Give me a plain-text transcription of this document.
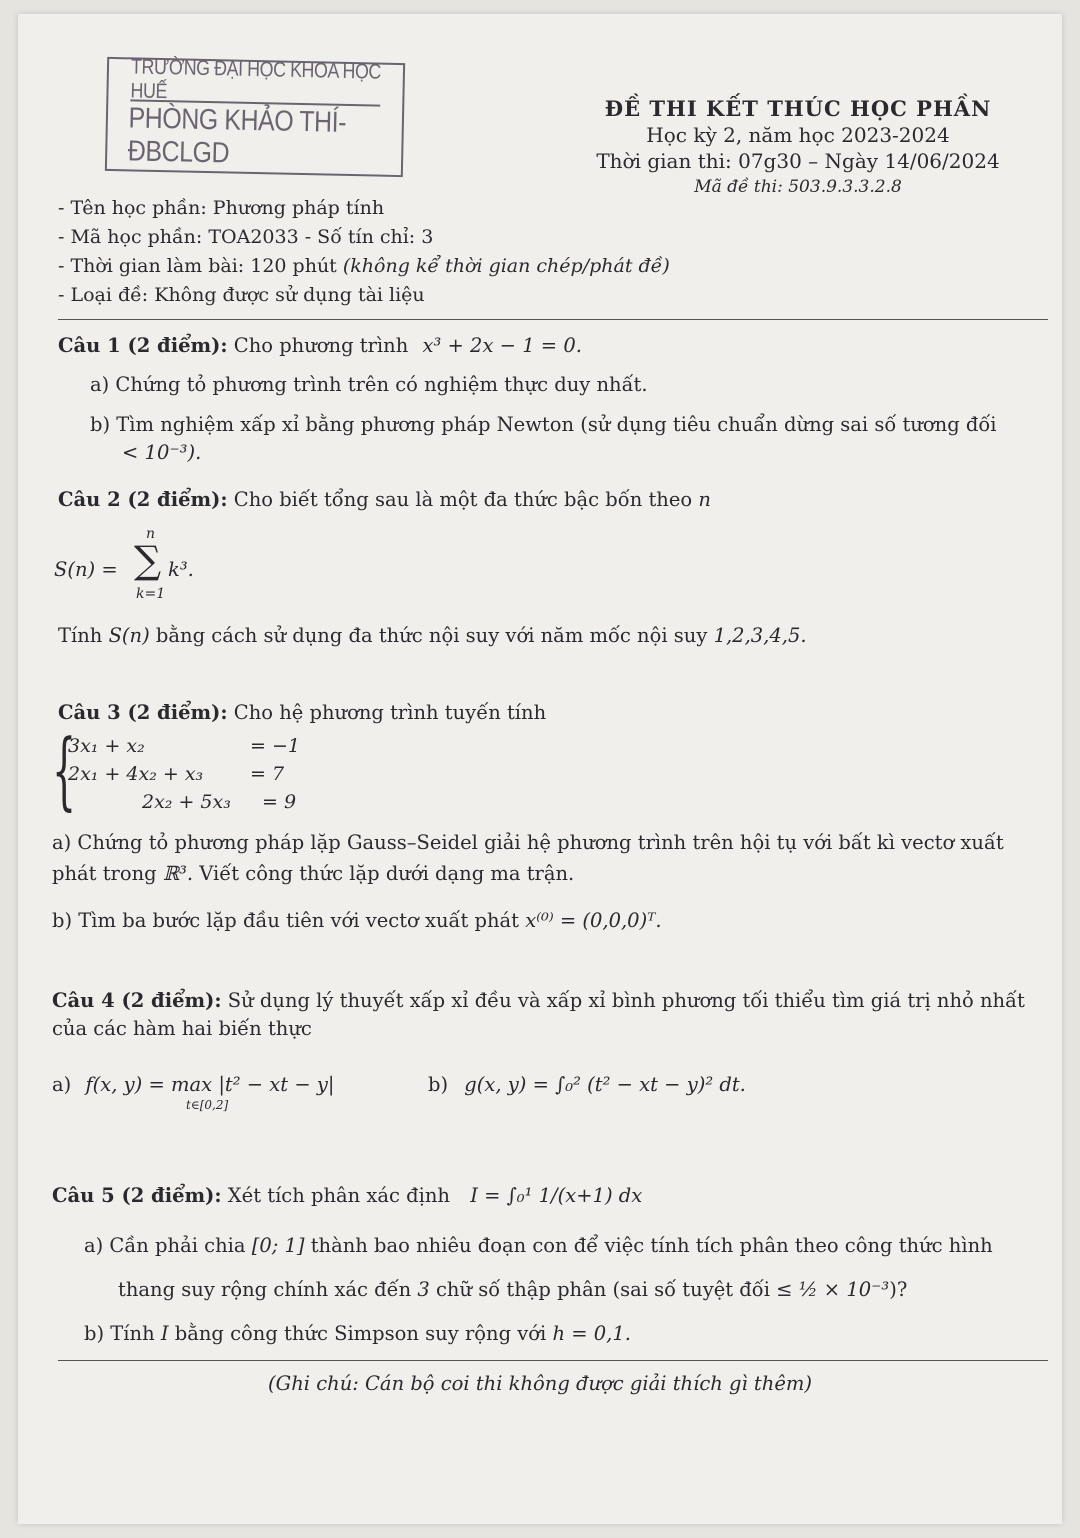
TRƯỜNG ĐẠI HỌC KHOA HỌC HUẾ
PHÒNG KHẢO THÍ-ĐBCLGD
ĐỀ THI KẾT THÚC HỌC PHẦN
Học kỳ 2, năm học 2023-2024
Thời gian thi: 07g30 – Ngày 14/06/2024
Mã đề thi: 503.9.3.3.2.8
- Tên học phần: Phương pháp tính
- Mã học phần: TOA2033 - Số tín chỉ: 3
- Thời gian làm bài: 120 phút (không kể thời gian chép/phát đề)
- Loại đề: Không được sử dụng tài liệu
Câu 1 (2 điểm): Cho phương trình x³ + 2x − 1 = 0.
a) Chứng tỏ phương trình trên có nghiệm thực duy nhất.
b) Tìm nghiệm xấp xỉ bằng phương pháp Newton (sử dụng tiêu chuẩn dừng sai số tương đối
< 10⁻³).
Câu 2 (2 điểm): Cho biết tổng sau là một đa thức bậc bốn theo n
S(n) =
n
∑
k=1
k³.
Tính S(n) bằng cách sử dụng đa thức nội suy với năm mốc nội suy 1,2,3,4,5.
Câu 3 (2 điểm): Cho hệ phương trình tuyến tính
{
3x₁ + x₂	= −1
2x₁ + 4x₂ + x₃ = 7
2x₂ + 5x₃ = 9
a) Chứng tỏ phương pháp lặp Gauss–Seidel giải hệ phương trình trên hội tụ với bất kì vectơ xuất
phát trong ℝ³. Viết công thức lặp dưới dạng ma trận.
b) Tìm ba bước lặp đầu tiên với vectơ xuất phát x⁽⁰⁾ = (0,0,0)ᵀ.
Câu 4 (2 điểm): Sử dụng lý thuyết xấp xỉ đều và xấp xỉ bình phương tối thiểu tìm giá trị nhỏ nhất
của các hàm hai biến thực
a) f(x, y) = max |t² − xt − y|
t∈[0,2]
b) g(x, y) = ∫₀² (t² − xt − y)² dt.
Câu 5 (2 điểm): Xét tích phân xác định I = ∫₀¹ 1/(x+1) dx
a) Cần phải chia [0; 1] thành bao nhiêu đoạn con để việc tính tích phân theo công thức hình
thang suy rộng chính xác đến 3 chữ số thập phân (sai số tuyệt đối ≤ ½ × 10⁻³)?
b) Tính I bằng công thức Simpson suy rộng với h = 0,1.
(Ghi chú: Cán bộ coi thi không được giải thích gì thêm)
